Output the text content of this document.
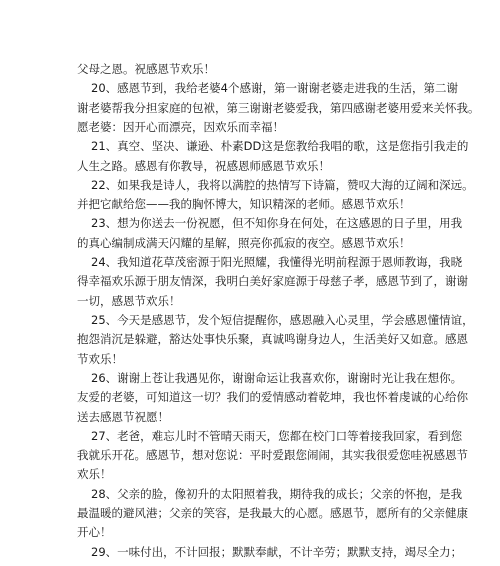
父母之恩。祝感恩节欢乐！
20、感恩节到，我给老婆4个感谢，第一谢谢老婆走进我的生活，第二谢
谢老婆帮我分担家庭的包袱，第三谢谢老婆爱我，第四感谢老婆用爱来关怀我。
愿老婆：因开心而漂亮，因欢乐而幸福！
21、真空、坚决、谦逊、朴素DD这是您教给我唱的歌，这是您指引我走的
人生之路。感恩有你教导，祝感恩师感恩节欢乐！
22、如果我是诗人，我将以满腔的热情写下诗篇，赞叹大海的辽阔和深远。
并把它献给您——我的胸怀博大，知识精深的老师。感恩节欢乐！
23、想为你送去一份祝愿，但不知你身在何处，在这感恩的日子里，用我
的真心编制成满天闪耀的星解，照亮你孤寂的夜空。感恩节欢乐！
24、我知道花草茂密源于阳光照耀，我懂得光明前程源于恩师教诲，我晓
得幸福欢乐源于朋友情深，我明白美好家庭源于母慈子孝，感恩节到了，谢谢
一切，感恩节欢乐！
25、今天是感恩节，发个短信提醒你，感恩融入心灵里，学会感恩懂情谊，
抱怨消沉是躲避，豁达处事快乐聚，真诚鸣谢身边人，生活美好又如意。感恩
节欢乐！
26、谢谢上苍让我遇见你，谢谢命运让我喜欢你，谢谢时光让我在想你。
友爱的老婆，可知道这一切？我们的爱情感动着乾坤，我也怀着虔诚的心给你
送去感恩节祝愿！
27、老爸，难忘儿时不管晴天雨天，您都在校门口等着接我回家，看到您
我就乐开花。感恩节，想对您说：平时爱跟您闹闹，其实我很爱您哇祝感恩节
欢乐！
28、父亲的脸，像初升的太阳照着我，期待我的成长；父亲的怀抱，是我
最温暖的避风港；父亲的笑容，是我最大的心愿。感恩节，愿所有的父亲健康
开心！
29、一味付出，不计回报；默默奉献，不计辛劳；默默支持，竭尽全力；
